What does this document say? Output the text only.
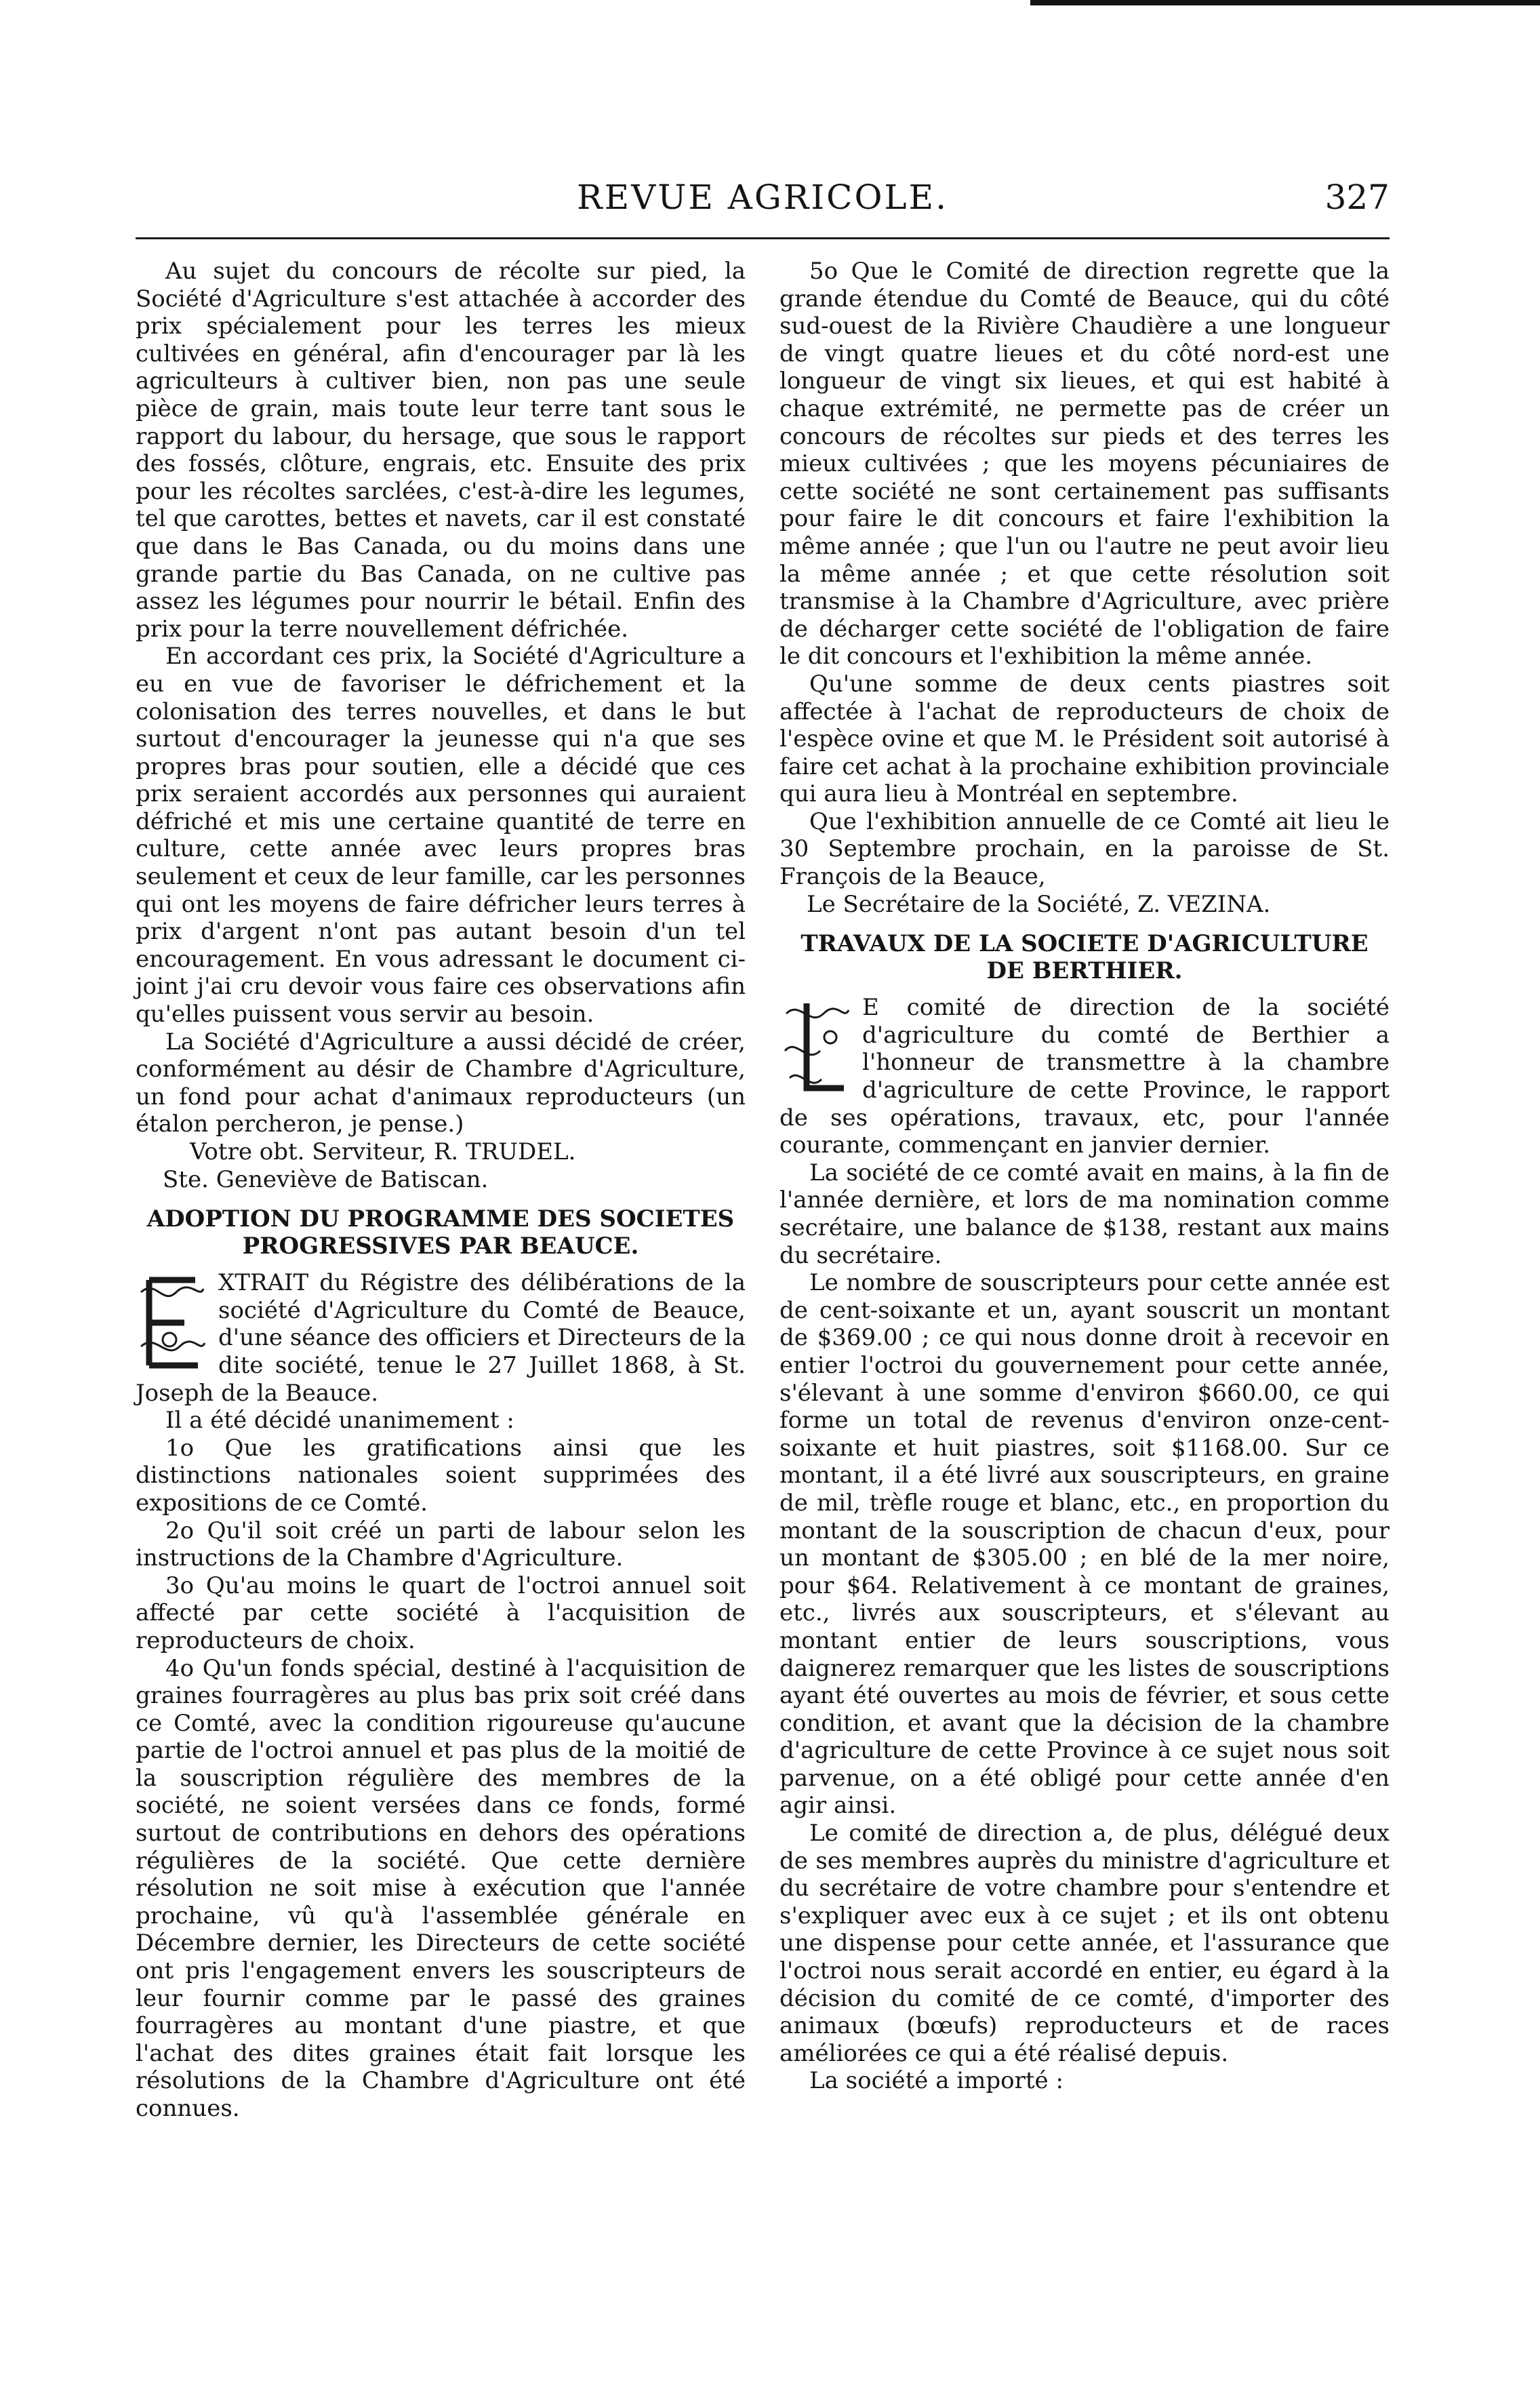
REVUE AGRICOLE.	327

Au sujet du concours de récolte sur pied, la Société d'Agriculture s'est attachée à accorder des prix spécialement pour les terres les mieux cultivées en général, afin d'encourager par là les agriculteurs à cultiver bien, non pas une seule pièce de grain, mais toute leur terre tant sous le rapport du labour, du hersage, que sous le rapport des fossés, clôture, engrais, etc. Ensuite des prix pour les récoltes sarclées, c'est-à-dire les legumes, tel que carottes, bettes et navets, car il est constaté que dans le Bas Canada, ou du moins dans une grande partie du Bas Canada, on ne cultive pas assez les légumes pour nourrir le bétail. Enfin des prix pour la terre nouvellement défrichée.

En accordant ces prix, la Société d'Agriculture a eu en vue de favoriser le défrichement et la colonisation des terres nouvelles, et dans le but surtout d'encourager la jeunesse qui n'a que ses propres bras pour soutien, elle a décidé que ces prix seraient accordés aux personnes qui auraient défriché et mis une certaine quantité de terre en culture, cette année avec leurs propres bras seulement et ceux de leur famille, car les personnes qui ont les moyens de faire défricher leurs terres à prix d'argent n'ont pas autant besoin d'un tel encouragement. En vous adressant le document ci-joint j'ai cru devoir vous faire ces observations afin qu'elles puissent vous servir au besoin.

La Société d'Agriculture a aussi décidé de créer, conformément au désir de Chambre d'Agriculture, un fond pour achat d'animaux reproducteurs (un étalon percheron, je pense.)

Votre obt. Serviteur, R. TRUDEL.

Ste. Geneviève de Batiscan.

ADOPTION DU PROGRAMME DES SOCIETES PROGRESSIVES PAR BEAUCE.

XTRAIT du Régistre des délibérations de la société d'Agriculture du Comté de Beauce, d'une séance des officiers et Directeurs de la dite société, tenue le 27 Juillet 1868, à St. Joseph de la Beauce.

Il a été décidé unanimement :

1o Que les gratifications ainsi que les distinctions nationales soient supprimées des expositions de ce Comté.

2o Qu'il soit créé un parti de labour selon les instructions de la Chambre d'Agriculture.

3o Qu'au moins le quart de l'octroi annuel soit affecté par cette société à l'acquisition de reproducteurs de choix.

4o Qu'un fonds spécial, destiné à l'acquisition de graines fourragères au plus bas prix soit créé dans ce Comté, avec la condition rigoureuse qu'aucune partie de l'octroi annuel et pas plus de la moitié de la souscription régulière des membres de la société, ne soient versées dans ce fonds, formé surtout de contributions en dehors des opérations régulières de la société. Que cette dernière résolution ne soit mise à exécution que l'année prochaine, vû qu'à l'assemblée générale en Décembre dernier, les Directeurs de cette société ont pris l'engagement envers les souscripteurs de leur fournir comme par le passé des graines fourragères au montant d'une piastre, et que l'achat des dites graines était fait lorsque les résolutions de la Chambre d'Agriculture ont été connues.

5o Que le Comité de direction regrette que la grande étendue du Comté de Beauce, qui du côté sud-ouest de la Rivière Chaudière a une longueur de vingt quatre lieues et du côté nord-est une longueur de vingt six lieues, et qui est habité à chaque extrémité, ne permette pas de créer un concours de récoltes sur pieds et des terres les mieux cultivées ; que les moyens pécuniaires de cette société ne sont certainement pas suffisants pour faire le dit concours et faire l'exhibition la même année ; que l'un ou l'autre ne peut avoir lieu la même année ; et que cette résolution soit transmise à la Chambre d'Agriculture, avec prière de décharger cette société de l'obligation de faire le dit concours et l'exhibition la même année.

Qu'une somme de deux cents piastres soit affectée à l'achat de reproducteurs de choix de l'espèce ovine et que M. le Président soit autorisé à faire cet achat à la prochaine exhibition provinciale qui aura lieu à Montréal en septembre.

Que l'exhibition annuelle de ce Comté ait lieu le 30 Septembre prochain, en la paroisse de St. François de la Beauce,

Le Secrétaire de la Société, Z. VEZINA.

TRAVAUX DE LA SOCIETE D'AGRICULTURE DE BERTHIER.

E comité de direction de la société d'agriculture du comté de Berthier a l'honneur de transmettre à la chambre d'agriculture de cette Province, le rapport de ses opérations, travaux, etc, pour l'année courante, commençant en janvier dernier.

La société de ce comté avait en mains, à la fin de l'année dernière, et lors de ma nomination comme secrétaire, une balance de $138, restant aux mains du secrétaire.

Le nombre de souscripteurs pour cette année est de cent-soixante et un, ayant souscrit un montant de $369.00 ; ce qui nous donne droit à recevoir en entier l'octroi du gouvernement pour cette année, s'élevant à une somme d'environ $660.00, ce qui forme un total de revenus d'environ onze-cent-soixante et huit piastres, soit $1168.00. Sur ce montant, il a été livré aux souscripteurs, en graine de mil, trèfle rouge et blanc, etc., en proportion du montant de la souscription de chacun d'eux, pour un montant de $305.00 ; en blé de la mer noire, pour $64. Relativement à ce montant de graines, etc., livrés aux souscripteurs, et s'élevant au montant entier de leurs souscriptions, vous daignerez remarquer que les listes de souscriptions ayant été ouvertes au mois de février, et sous cette condition, et avant que la décision de la chambre d'agriculture de cette Province à ce sujet nous soit parvenue, on a été obligé pour cette année d'en agir ainsi.

Le comité de direction a, de plus, délégué deux de ses membres auprès du ministre d'agriculture et du secrétaire de votre chambre pour s'entendre et s'expliquer avec eux à ce sujet ; et ils ont obtenu une dispense pour cette année, et l'assurance que l'octroi nous serait accordé en entier, eu égard à la décision du comité de ce comté, d'importer des animaux (bœufs) reproducteurs et de races améliorées ce qui a été réalisé depuis.

La société a importé :
